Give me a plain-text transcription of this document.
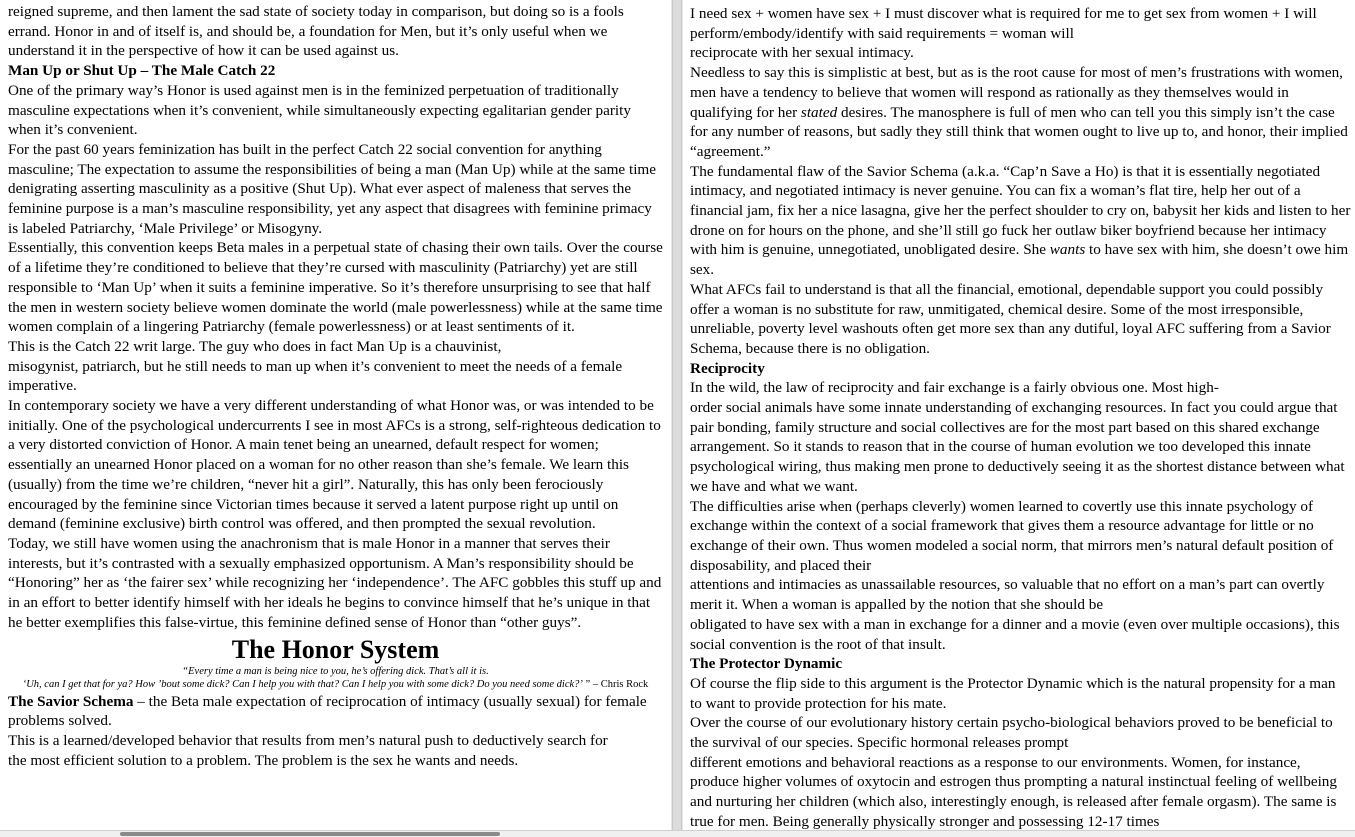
reigned supreme, and then lament the sad state of society today in comparison, but doing so is a fools errand. Honor in and of itself is, and should be, a foundation for Men, but it’s only useful when we understand it in the perspective of how it can be used against us.

Man Up or Shut Up – The Male Catch 22

One of the primary way’s Honor is used against men is in the feminized perpetuation of traditionally masculine expectations when it’s convenient, while simultaneously expecting egalitarian gender parity when it’s convenient.

For the past 60 years feminization has built in the perfect Catch 22 social convention for anything masculine; The expectation to assume the responsibilities of being a man (Man Up) while at the same time denigrating asserting masculinity as a positive (Shut Up). What ever aspect of maleness that serves the feminine purpose is a man’s masculine responsibility, yet any aspect that disagrees with feminine primacy is labeled Patriarchy, ‘Male Privilege’ or Misogyny.

Essentially, this convention keeps Beta males in a perpetual state of chasing their own tails. Over the course of a lifetime they’re conditioned to believe that they’re cursed with masculinity (Patriarchy) yet are still responsible to ‘Man Up’ when it suits a feminine imperative. So it’s therefore unsurprising to see that half the men in western society believe women dominate the world (male powerlessness) while at the same time women complain of a lingering Patriarchy (female powerlessness) or at least sentiments of it.

This is the Catch 22 writ large. The guy who does in fact Man Up is a chauvinist,

misogynist, patriarch, but he still needs to man up when it’s convenient to meet the needs of a female imperative.

In contemporary society we have a very different understanding of what Honor was, or was intended to be initially. One of the psychological undercurrents I see in most AFCs is a strong, self-righteous dedication to a very distorted conviction of Honor. A main tenet being an unearned, default respect for women; essentially an unearned Honor placed on a woman for no other reason than she’s female. We learn this (usually) from the time we’re children, “never hit a girl”. Naturally, this has only been ferociously encouraged by the feminine since Victorian times because it served a latent purpose right up until on demand (feminine exclusive) birth control was offered, and then prompted the sexual revolution.

Today, we still have women using the anachronism that is male Honor in a manner that serves their interests, but it’s contrasted with a sexually emphasized opportunism. A Man’s responsibility should be “Honoring” her as ‘the fairer sex’ while recognizing her ‘independence’. The AFC gobbles this stuff up and in an effort to better identify himself with her ideals he begins to convince himself that he’s unique in that he better exemplifies this false-virtue, this feminine defined sense of Honor than “other guys”.

The Honor System

“Every time a man is being nice to you, he’s offering dick. That’s all it is.

‘Uh, can I get that for ya? How ’bout some dick? Can I help you with that? Can I help you with some dick? Do you need some dick?’ ” – Chris Rock

The Savior Schema – the Beta male expectation of reciprocation of intimacy (usually sexual) for female problems solved.

This is a learned/developed behavior that results from men’s natural push to deductively search for

the most efficient solution to a problem. The problem is the sex he wants and needs.

I need sex + women have sex + I must discover what is required for me to get sex from women + I will perform/embody/identify with said requirements = woman will

reciprocate with her sexual intimacy.

Needless to say this is simplistic at best, but as is the root cause for most of men’s frustrations with women, men have a tendency to believe that women will respond as rationally as they themselves would in qualifying for her stated desires. The manosphere is full of men who can tell you this simply isn’t the case for any number of reasons, but sadly they still think that women ought to live up to, and honor, their implied “agreement.”

The fundamental flaw of the Savior Schema (a.k.a. “Cap’n Save a Ho) is that it is essentially negotiated intimacy, and negotiated intimacy is never genuine. You can fix a woman’s flat tire, help her out of a financial jam, fix her a nice lasagna, give her the perfect shoulder to cry on, babysit her kids and listen to her drone on for hours on the phone, and she’ll still go fuck her outlaw biker boyfriend because her intimacy with him is genuine, unnegotiated, unobligated desire. She wants to have sex with him, she doesn’t owe him sex.

What AFCs fail to understand is that all the financial, emotional, dependable support you could possibly offer a woman is no substitute for raw, unmitigated, chemical desire. Some of the most irresponsible, unreliable, poverty level washouts often get more sex than any dutiful, loyal AFC suffering from a Savior Schema, because there is no obligation.

Reciprocity

In the wild, the law of reciprocity and fair exchange is a fairly obvious one. Most high-

order social animals have some innate understanding of exchanging resources. In fact you could argue that pair bonding, family structure and social collectives are for the most part based on this shared exchange arrangement. So it stands to reason that in the course of human evolution we too developed this innate psychological wiring, thus making men prone to deductively seeing it as the shortest distance between what we have and what we want.

The difficulties arise when (perhaps cleverly) women learned to covertly use this innate psychology of exchange within the context of a social framework that gives them a resource advantage for little or no exchange of their own. Thus women modeled a social norm, that mirrors men’s natural default position of disposability, and placed their

attentions and intimacies as unassailable resources, so valuable that no effort on a man’s part can overtly merit it. When a woman is appalled by the notion that she should be

obligated to have sex with a man in exchange for a dinner and a movie (even over multiple occasions), this social convention is the root of that insult.

The Protector Dynamic

Of course the flip side to this argument is the Protector Dynamic which is the natural propensity for a man to want to provide protection for his mate.

Over the course of our evolutionary history certain psycho-biological behaviors proved to be beneficial to the survival of our species. Specific hormonal releases prompt

different emotions and behavioral reactions as a response to our environments. Women, for instance, produce higher volumes of oxytocin and estrogen thus prompting a natural instinctual feeling of wellbeing and nurturing her children (which also, interestingly enough, is released after female orgasm). The same is true for men. Being generally physically stronger and possessing 12-17 times
